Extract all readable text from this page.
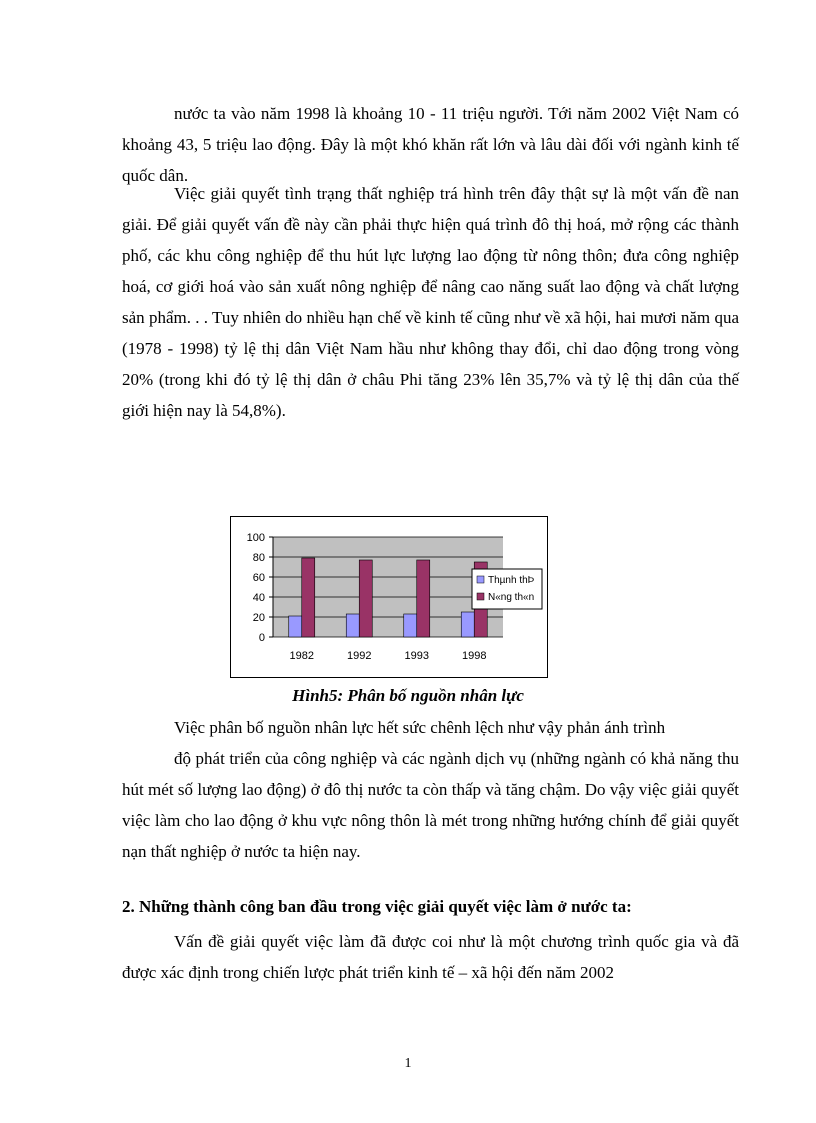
nước ta vào năm 1998 là khoảng 10 - 11 triệu người. Tới năm 2002 Việt Nam có khoảng 43, 5 triệu lao động. Đây là một khó khăn rất lớn và lâu dài đối với ngành kinh tế quốc dân.

Việc giải quyết tình trạng thất nghiệp trá hình trên đây thật sự là một vấn đề nan giải. Để giải quyết vấn đề này cần phải thực hiện quá trình đô thị hoá, mở rộng các thành phố, các khu công nghiệp để thu hút lực lượng lao động từ nông thôn; đưa công nghiệp hoá, cơ giới hoá vào sản xuất nông nghiệp để nâng cao năng suất lao động và chất lượng sản phẩm. . . Tuy nhiên do nhiều hạn chế về kinh tế cũng như về xã hội, hai mươi năm qua (1978 - 1998) tỷ lệ thị dân Việt Nam hầu như không thay đổi, chỉ dao động trong vòng 20% (trong khi đó tỷ lệ thị dân ở châu Phi tăng 23% lên 35,7% và tỷ lệ thị dân của thế giới hiện nay là 54,8%).

0
20
40
60
80
100
1982	1992	1993	1998
Thµnh thÞ
N«ng th«n

Hình5: Phân bố nguồn nhân lực

Việc phân bố nguồn nhân lực hết sức chênh lệch như vậy phản ánh trình

độ phát triển của công nghiệp và các ngành dịch vụ (những ngành có khả năng thu hút mét số lượng lao động) ở đô thị nước ta còn thấp và tăng chậm. Do vậy việc giải quyết việc làm cho lao động ở khu vực nông thôn là mét trong những hướng chính để giải quyết nạn thất nghiệp ở nước ta hiện nay.

2. Những thành công ban đầu trong việc giải quyết việc làm ở nước ta:

Vấn đề giải quyết việc làm đã được coi như là một chương trình quốc gia và đã được xác định trong chiến lược phát triển kinh tế – xã hội đến năm 2002

1
